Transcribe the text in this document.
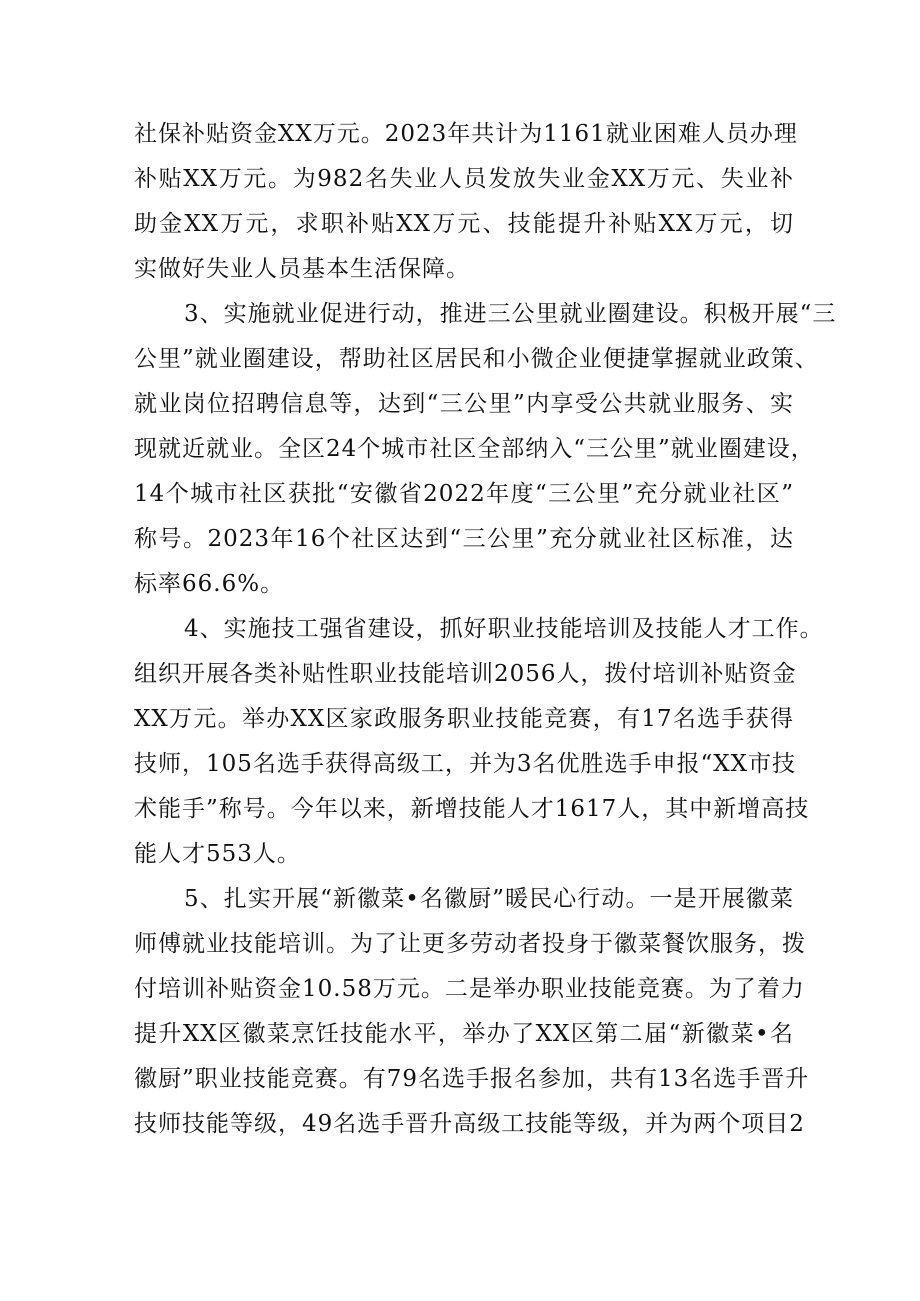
社保补贴资金XX万元。2023年共计为1161就业困难人员办理
补贴XX万元。为982名失业人员发放失业金XX万元、失业补
助金XX万元，求职补贴XX万元、技能提升补贴XX万元，切
实做好失业人员基本生活保障。
3、实施就业促进行动，推进三公里就业圈建设。积极开展“三
公里”就业圈建设，帮助社区居民和小微企业便捷掌握就业政策、
就业岗位招聘信息等，达到“三公里”内享受公共就业服务、实
现就近就业。全区24个城市社区全部纳入“三公里”就业圈建设，
14个城市社区获批“安徽省2022年度“三公里”充分就业社区”
称号。2023年16个社区达到“三公里”充分就业社区标准，达
标率66.6%。
4、实施技工强省建设，抓好职业技能培训及技能人才工作。
组织开展各类补贴性职业技能培训2056人，拨付培训补贴资金
XX万元。举办XX区家政服务职业技能竞赛，有17名选手获得
技师，105名选手获得高级工，并为3名优胜选手申报“XX市技
术能手”称号。今年以来，新增技能人才1617人，其中新增高技
能人才553人。
5、扎实开展“新徽菜•名徽厨”暖民心行动。一是开展徽菜
师傅就业技能培训。为了让更多劳动者投身于徽菜餐饮服务，拨
付培训补贴资金10.58万元。二是举办职业技能竞赛。为了着力
提升XX区徽菜烹饪技能水平，举办了XX区第二届“新徽菜•名
徽厨”职业技能竞赛。有79名选手报名参加，共有13名选手晋升
技师技能等级，49名选手晋升高级工技能等级，并为两个项目2
